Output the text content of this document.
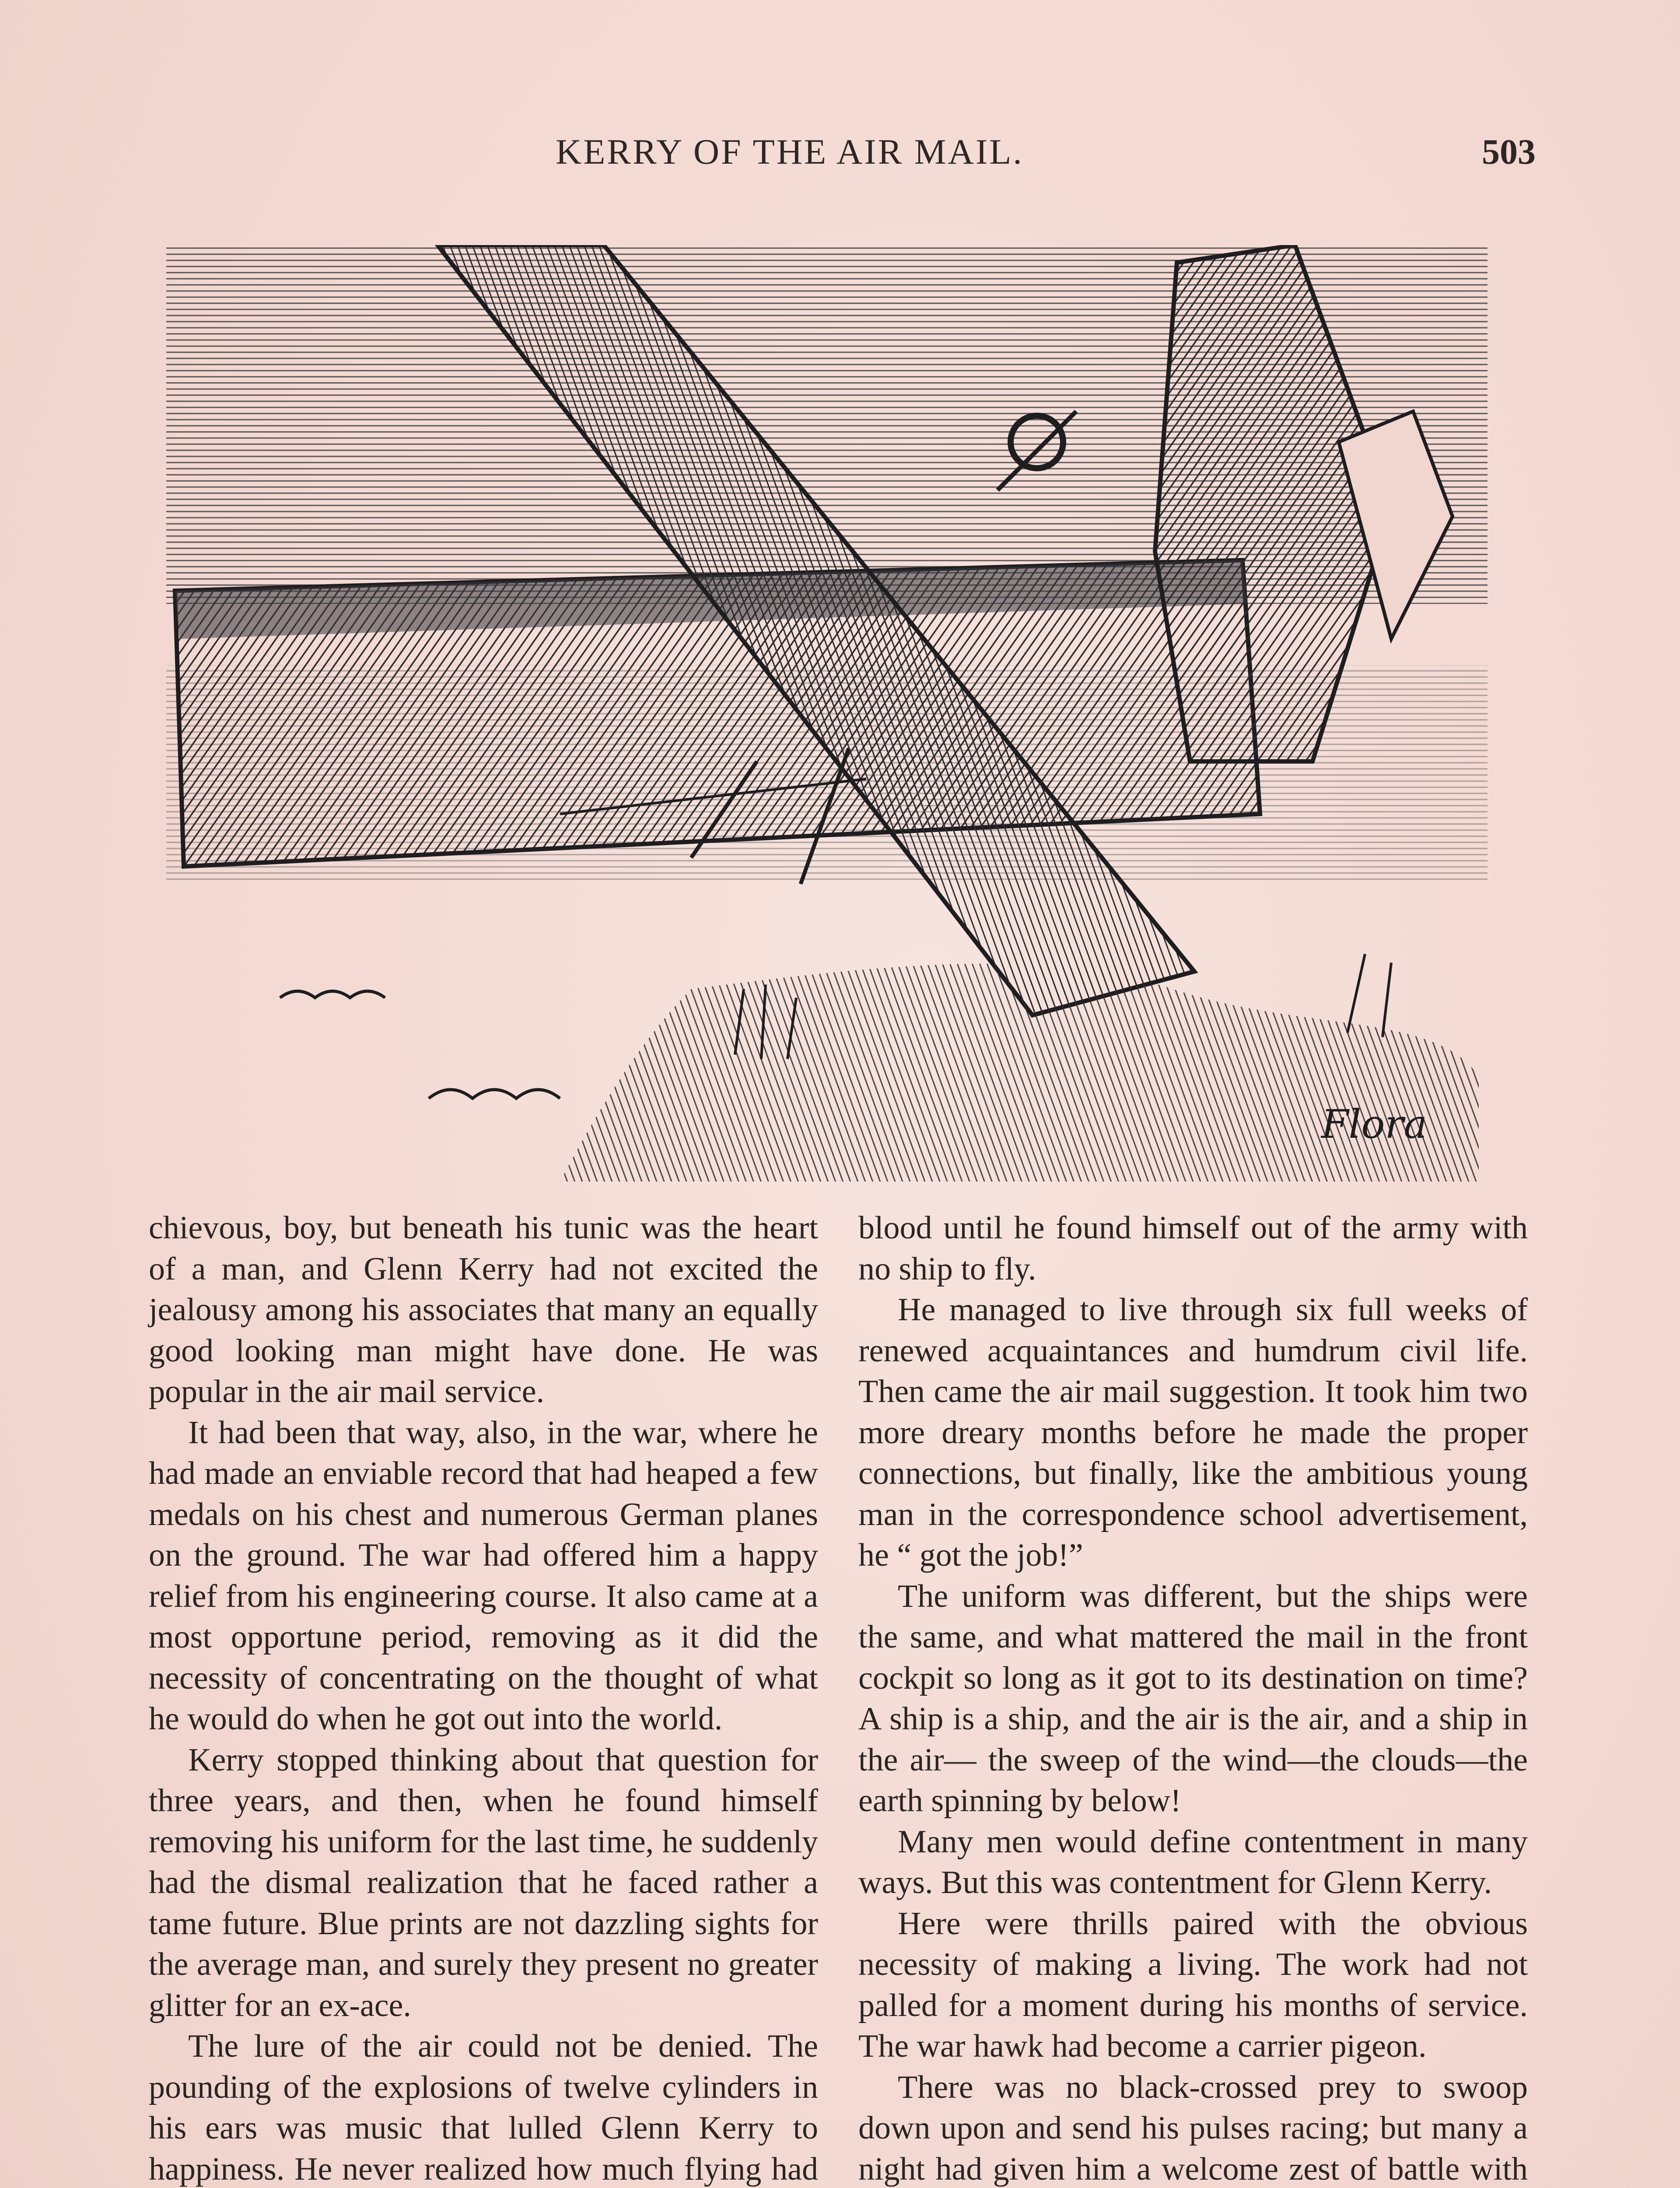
KERRY OF THE AIR MAIL.	503
Flora

chievous, boy, but beneath his tunic was the heart of a man, and Glenn Kerry had not excited the jealousy among his associates that many an equally good looking man might have done. He was popular in the air mail service.

It had been that way, also, in the war, where he had made an enviable record that had heaped a few medals on his chest and numerous German planes on the ground. The war had offered him a happy relief from his engineering course. It also came at a most opportune period, removing as it did the necessity of concentrating on the thought of what he would do when he got out into the world.

Kerry stopped thinking about that question for three years, and then, when he found himself removing his uniform for the last time, he suddenly had the dismal realization that he faced rather a tame future. Blue prints are not dazzling sights for the average man, and surely they present no greater glitter for an ex-ace.

The lure of the air could not be denied. The pounding of the explosions of twelve cylinders in his ears was music that lulled Glenn Kerry to happiness. He never realized how much flying had

blood until he found himself out of the army with no ship to fly.

He managed to live through six full weeks of renewed acquaintances and humdrum civil life. Then came the air mail suggestion. It took him two more dreary months before he made the proper connections, but finally, like the ambitious young man in the correspondence school advertisement, he “ got the job!”

The uniform was different, but the ships were the same, and what mattered the mail in the front cockpit so long as it got to its destination on time? A ship is a ship, and the air is the air, and a ship in the air— the sweep of the wind—the clouds—the earth spinning by below!

Many men would define contentment in many ways. But this was contentment for Glenn Kerry.

Here were thrills paired with the obvious necessity of making a living. The work had not palled for a moment during his months of service. The war hawk had become a carrier pigeon.

There was no black-crossed prey to swoop down upon and send his pulses racing; but many a night had given him a welcome zest of battle with
